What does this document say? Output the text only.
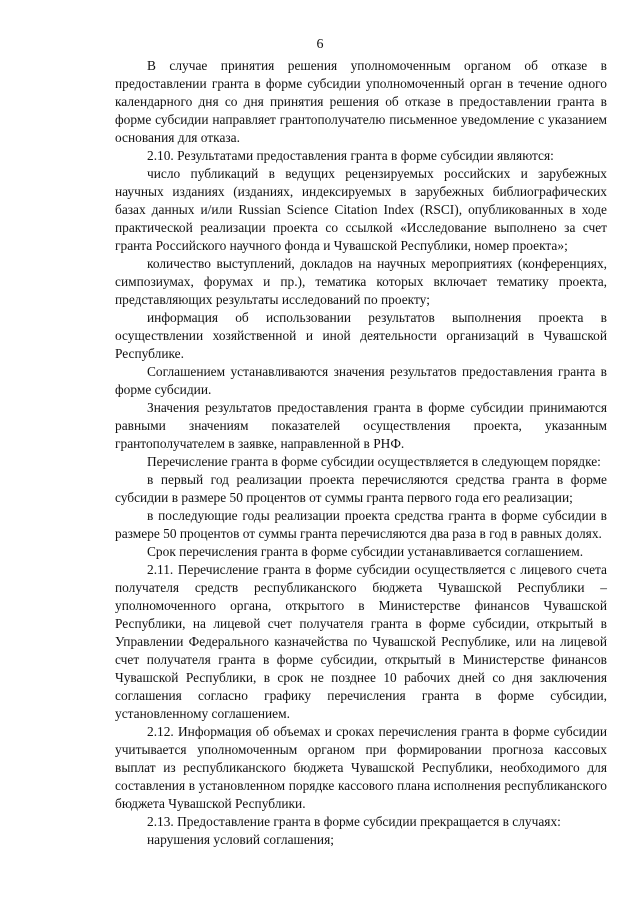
6

В случае принятия решения уполномоченным органом об отказе в предоставлении гранта в форме субсидии уполномоченный орган в течение одного календарного дня со дня принятия решения об отказе в предоставлении гранта в форме субсидии направляет грантополучателю письменное уведомление с указанием основания для отказа.

2.10. Результатами предоставления гранта в форме субсидии являются:

число публикаций в ведущих рецензируемых российских и зарубежных научных изданиях (изданиях, индексируемых в зарубежных библиографических базах данных и/или Russian Science Citation Index (RSCI), опубликованных в ходе практической реализации проекта со ссылкой «Исследование выполнено за счет гранта Российского научного фонда и Чувашской Республики, номер проекта»;

количество выступлений, докладов на научных мероприятиях (конференциях, симпозиумах, форумах и пр.), тематика которых включает тематику проекта, представляющих результаты исследований по проекту;

информация об использовании результатов выполнения проекта в осуществлении хозяйственной и иной деятельности организаций в Чувашской Республике.

Соглашением устанавливаются значения результатов предоставления гранта в форме субсидии.

Значения результатов предоставления гранта в форме субсидии принимаются равными значениям показателей осуществления проекта, указанным грантополучателем в заявке, направленной в РНФ.

Перечисление гранта в форме субсидии осуществляется в следующем порядке:

в первый год реализации проекта перечисляются средства гранта в форме субсидии в размере 50 процентов от суммы гранта первого года его реализации;

в последующие годы реализации проекта средства гранта в форме субсидии в размере 50 процентов от суммы гранта перечисляются два раза в год в равных долях.

Срок перечисления гранта в форме субсидии устанавливается соглашением.

2.11. Перечисление гранта в форме субсидии осуществляется с лицевого счета получателя средств республиканского бюджета Чувашской Республики – уполномоченного органа, открытого в Министерстве финансов Чувашской Республики, на лицевой счет получателя гранта в форме субсидии, открытый в Управлении Федерального казначейства по Чувашской Республике, или на лицевой счет получателя гранта в форме субсидии, открытый в Министерстве финансов Чувашской Республики, в срок не позднее 10 рабочих дней со дня заключения соглашения согласно графику перечисления гранта в форме субсидии, установленному соглашением.

2.12. Информация об объемах и сроках перечисления гранта в форме субсидии учитывается уполномоченным органом при формировании прогноза кассовых выплат из республиканского бюджета Чувашской Республики, необходимого для составления в установленном порядке кассового плана исполнения республиканского бюджета Чувашской Республики.

2.13. Предоставление гранта в форме субсидии прекращается в случаях:

нарушения условий соглашения;
